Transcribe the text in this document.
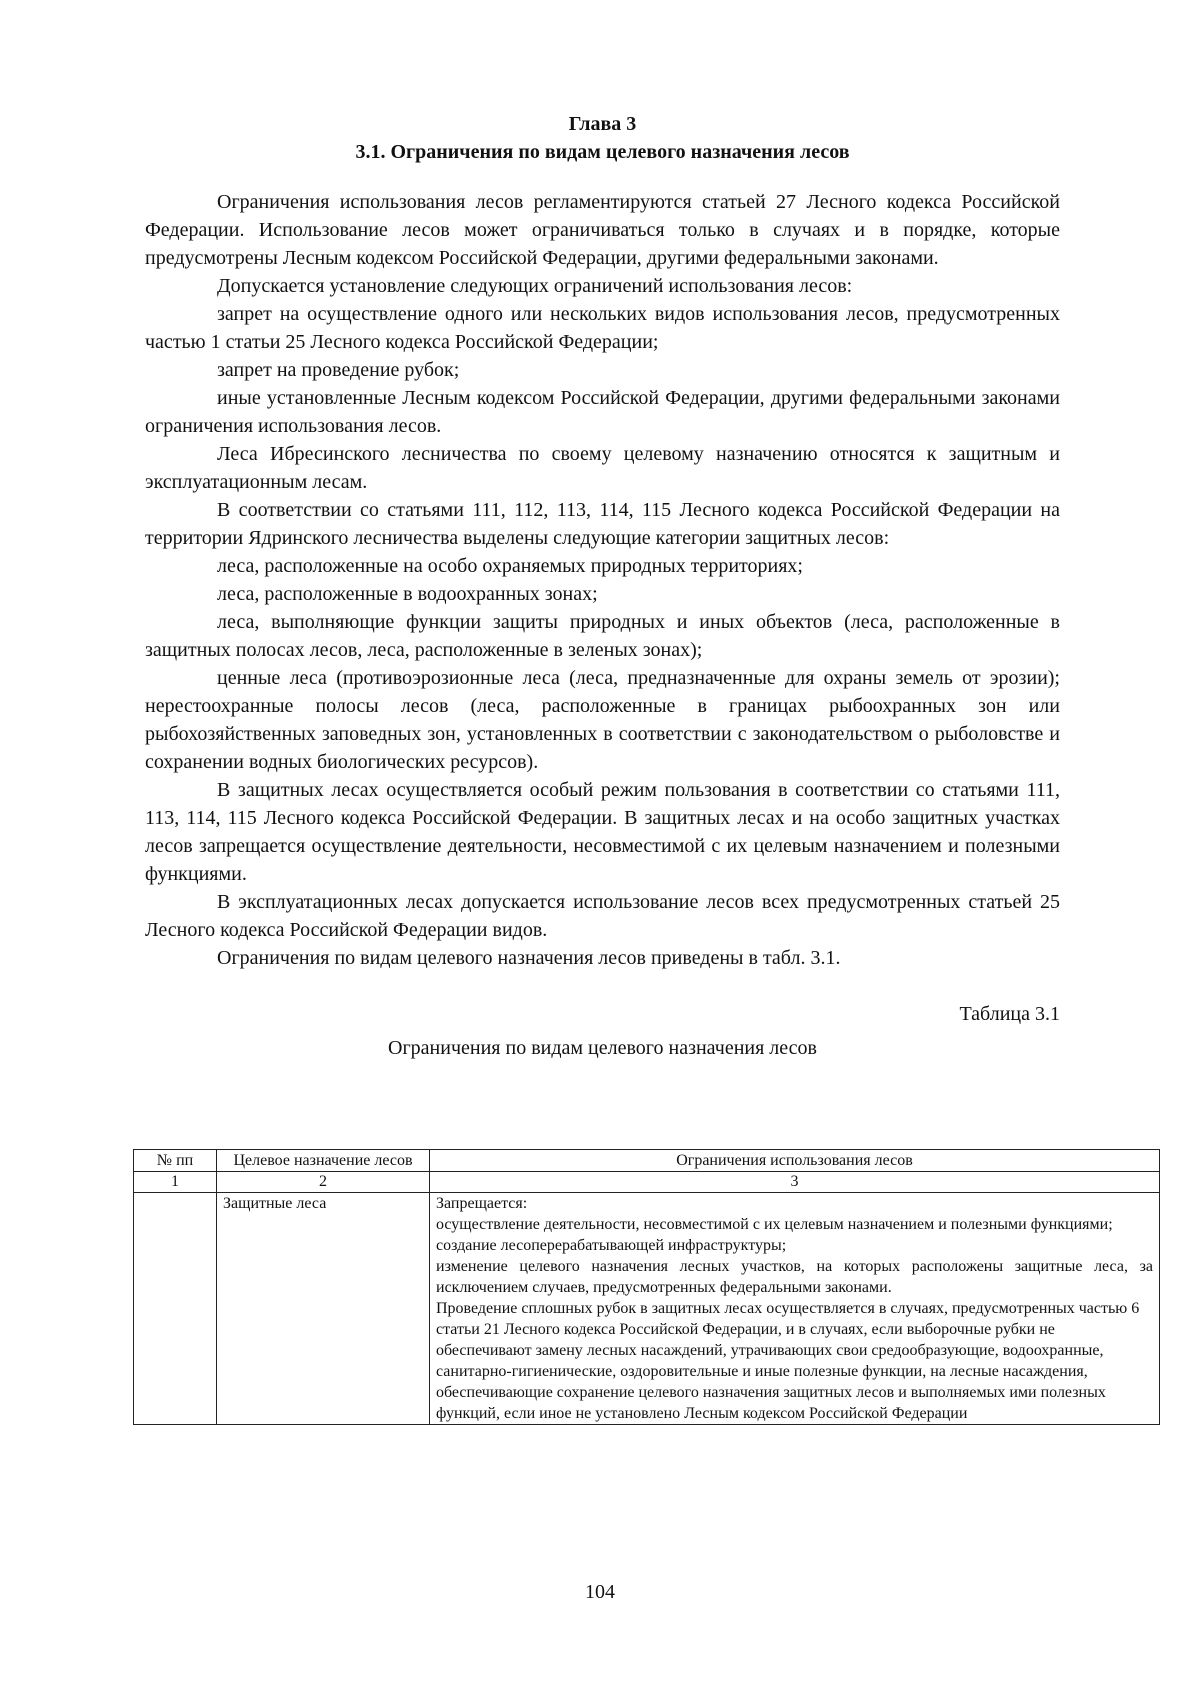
Глава 3

3.1. Ограничения по видам целевого назначения лесов

Ограничения использования лесов регламентируются статьей 27 Лесного кодекса Российской Федерации. Использование лесов может ограничиваться только в случаях и в порядке, которые предусмотрены Лесным кодексом Российской Федерации, другими федеральными законами.

Допускается установление следующих ограничений использования лесов:

запрет на осуществление одного или нескольких видов использования лесов, предусмотренных частью 1 статьи 25 Лесного кодекса Российской Федерации;

запрет на проведение рубок;

иные установленные Лесным кодексом Российской Федерации, другими федеральными законами ограничения использования лесов.

Леса Ибресинского лесничества по своему целевому назначению относятся к защитным и эксплуатационным лесам.

В соответствии со статьями 111, 112, 113, 114, 115 Лесного кодекса Российской Федерации на территории Ядринского лесничества выделены следующие категории защитных лесов:

леса, расположенные на особо охраняемых природных территориях;

леса, расположенные в водоохранных зонах;

леса, выполняющие функции защиты природных и иных объектов (леса, расположенные в защитных полосах лесов, леса, расположенные в зеленых зонах);

ценные леса (противоэрозионные леса (леса, предназначенные для охраны земель от эрозии); нерестоохранные полосы лесов (леса, расположенные в границах рыбоохранных зон или рыбохозяйственных заповедных зон, установленных в соответствии с законодательством о рыболовстве и сохранении водных биологических ресурсов).

В защитных лесах осуществляется особый режим пользования в соответствии со статьями 111, 113, 114, 115 Лесного кодекса Российской Федерации. В защитных лесах и на особо защитных участках лесов запрещается осуществление деятельности, несовместимой с их целевым назначением и полезными функциями.

В эксплуатационных лесах допускается использование лесов всех предусмотренных статьей 25 Лесного кодекса Российской Федерации видов.

Ограничения по видам целевого назначения лесов приведены в табл. 3.1.

Таблица 3.1

Ограничения по видам целевого назначения лесов

№ пп	Целевое назначение лесов	Ограничения использования лесов
1	2	3
	Защитные леса	Запрещается:

осуществление деятельности, несовместимой с их целевым назначением и полезными функциями;

создание лесоперерабатывающей инфраструктуры;

изменение целевого назначения лесных участков, на которых расположены защитные леса, за исключением случаев, предусмотренных федеральными законами.

Проведение сплошных рубок в защитных лесах осуществляется в случаях, предусмотренных частью 6 статьи 21 Лесного кодекса Российской Федерации, и в случаях, если выборочные рубки не обеспечивают замену лесных насаждений, утрачивающих свои средообразующие, водоохранные, санитарно-гигиенические, оздоровительные и иные полезные функции, на лесные насаждения, обеспечивающие сохранение целевого назначения защитных лесов и выполняемых ими полезных функций, если иное не установлено Лесным кодексом Российской Федерации

104
